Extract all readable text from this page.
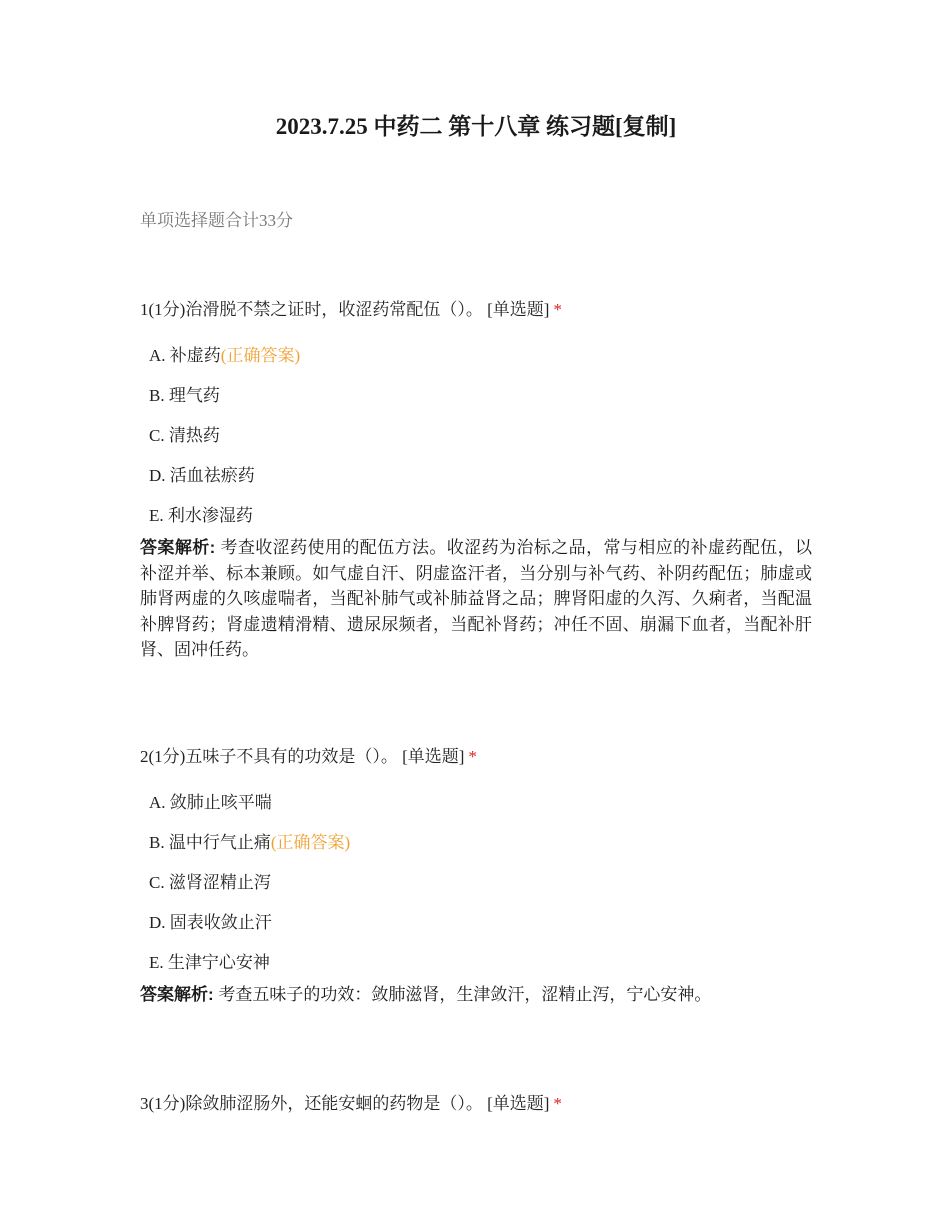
2023.7.25 中药二 第十八章 练习题[复制]
单项选择题合计33分
1(1分)治滑脱不禁之证时，收涩药常配伍（）。 [单选题] *
A. 补虚药(正确答案)
B. 理气药
C. 清热药
D. 活血祛瘀药
E. 利水渗湿药
答案解析: 考查收涩药使用的配伍方法。收涩药为治标之品，常与相应的补虚药配伍，以补涩并举、标本兼顾。如气虚自汗、阴虚盗汗者，当分别与补气药、补阴药配伍；肺虚或肺肾两虚的久咳虚喘者，当配补肺气或补肺益肾之品；脾肾阳虚的久泻、久痢者，当配温补脾肾药；肾虚遗精滑精、遗尿尿频者，当配补肾药；冲任不固、崩漏下血者，当配补肝肾、固冲任药。
2(1分)五味子不具有的功效是（）。 [单选题] *
A. 敛肺止咳平喘
B. 温中行气止痛(正确答案)
C. 滋肾涩精止泻
D. 固表收敛止汗
E. 生津宁心安神
答案解析: 考查五味子的功效：敛肺滋肾，生津敛汗，涩精止泻，宁心安神。
3(1分)除敛肺涩肠外，还能安蛔的药物是（）。 [单选题] *
